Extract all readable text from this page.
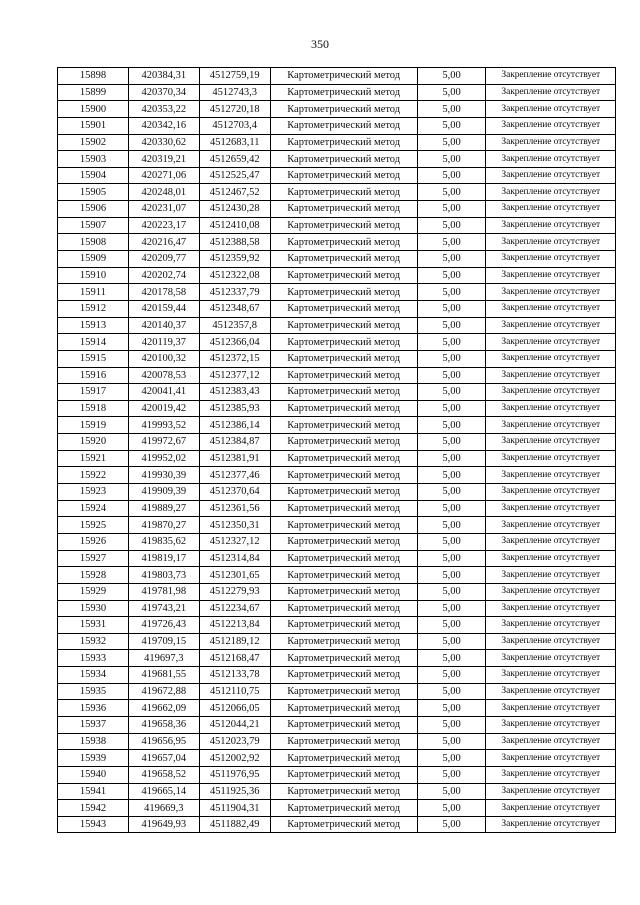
350
15898	420384,31	4512759,19	Картометрический метод	5,00	Закрепление отсутствует
15899	420370,34	4512743,3	Картометрический метод	5,00	Закрепление отсутствует
15900	420353,22	4512720,18	Картометрический метод	5,00	Закрепление отсутствует
15901	420342,16	4512703,4	Картометрический метод	5,00	Закрепление отсутствует
15902	420330,62	4512683,11	Картометрический метод	5,00	Закрепление отсутствует
15903	420319,21	4512659,42	Картометрический метод	5,00	Закрепление отсутствует
15904	420271,06	4512525,47	Картометрический метод	5,00	Закрепление отсутствует
15905	420248,01	4512467,52	Картометрический метод	5,00	Закрепление отсутствует
15906	420231,07	4512430,28	Картометрический метод	5,00	Закрепление отсутствует
15907	420223,17	4512410,08	Картометрический метод	5,00	Закрепление отсутствует
15908	420216,47	4512388,58	Картометрический метод	5,00	Закрепление отсутствует
15909	420209,77	4512359,92	Картометрический метод	5,00	Закрепление отсутствует
15910	420202,74	4512322,08	Картометрический метод	5,00	Закрепление отсутствует
15911	420178,58	4512337,79	Картометрический метод	5,00	Закрепление отсутствует
15912	420159,44	4512348,67	Картометрический метод	5,00	Закрепление отсутствует
15913	420140,37	4512357,8	Картометрический метод	5,00	Закрепление отсутствует
15914	420119,37	4512366,04	Картометрический метод	5,00	Закрепление отсутствует
15915	420100,32	4512372,15	Картометрический метод	5,00	Закрепление отсутствует
15916	420078,53	4512377,12	Картометрический метод	5,00	Закрепление отсутствует
15917	420041,41	4512383,43	Картометрический метод	5,00	Закрепление отсутствует
15918	420019,42	4512385,93	Картометрический метод	5,00	Закрепление отсутствует
15919	419993,52	4512386,14	Картометрический метод	5,00	Закрепление отсутствует
15920	419972,67	4512384,87	Картометрический метод	5,00	Закрепление отсутствует
15921	419952,02	4512381,91	Картометрический метод	5,00	Закрепление отсутствует
15922	419930,39	4512377,46	Картометрический метод	5,00	Закрепление отсутствует
15923	419909,39	4512370,64	Картометрический метод	5,00	Закрепление отсутствует
15924	419889,27	4512361,56	Картометрический метод	5,00	Закрепление отсутствует
15925	419870,27	4512350,31	Картометрический метод	5,00	Закрепление отсутствует
15926	419835,62	4512327,12	Картометрический метод	5,00	Закрепление отсутствует
15927	419819,17	4512314,84	Картометрический метод	5,00	Закрепление отсутствует
15928	419803,73	4512301,65	Картометрический метод	5,00	Закрепление отсутствует
15929	419781,98	4512279,93	Картометрический метод	5,00	Закрепление отсутствует
15930	419743,21	4512234,67	Картометрический метод	5,00	Закрепление отсутствует
15931	419726,43	4512213,84	Картометрический метод	5,00	Закрепление отсутствует
15932	419709,15	4512189,12	Картометрический метод	5,00	Закрепление отсутствует
15933	419697,3	4512168,47	Картометрический метод	5,00	Закрепление отсутствует
15934	419681,55	4512133,78	Картометрический метод	5,00	Закрепление отсутствует
15935	419672,88	4512110,75	Картометрический метод	5,00	Закрепление отсутствует
15936	419662,09	4512066,05	Картометрический метод	5,00	Закрепление отсутствует
15937	419658,36	4512044,21	Картометрический метод	5,00	Закрепление отсутствует
15938	419656,95	4512023,79	Картометрический метод	5,00	Закрепление отсутствует
15939	419657,04	4512002,92	Картометрический метод	5,00	Закрепление отсутствует
15940	419658,52	4511976,95	Картометрический метод	5,00	Закрепление отсутствует
15941	419665,14	4511925,36	Картометрический метод	5,00	Закрепление отсутствует
15942	419669,3	4511904,31	Картометрический метод	5,00	Закрепление отсутствует
15943	419649,93	4511882,49	Картометрический метод	5,00	Закрепление отсутствует
